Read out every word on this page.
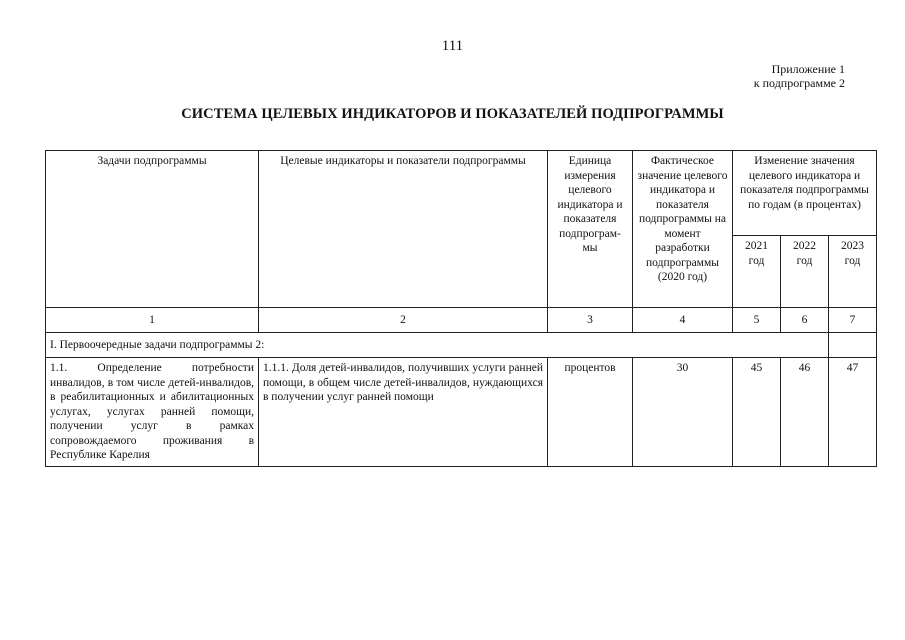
111
Приложение 1
к подпрограмме 2
СИСТЕМА ЦЕЛЕВЫХ ИНДИКАТОРОВ И ПОКАЗАТЕЛЕЙ ПОДПРОГРАММЫ
Задачи подпрограммы	Целевые индикаторы и показатели подпрограммы	Единица измерения целевого индикатора и показателя подпрограм-мы	Фактическое значение целевого индикатора и показателя подпрограммы на момент разработки подпрограммы (2020 год)	Изменение значения целевого индикатора и показателя подпрограммы по годам (в процентах)		
				2021 год	2022 год	2023 год
1	2	3	4	5	6	7
I. Первоочередные задачи подпрограммы 2:						
1.1. Определение потребности инвалидов, в том числе детей-инвалидов, в реабилитационных и абилитационных услугах, услугах ранней помощи, получении услуг в рамках сопровождаемого проживания в Республике Карелия	1.1.1. Доля детей-инвалидов, получивших услуги ранней помощи, в общем числе детей-инвалидов, нуждающихся в получении услуг ранней помощи	процентов	30	45	46	47
